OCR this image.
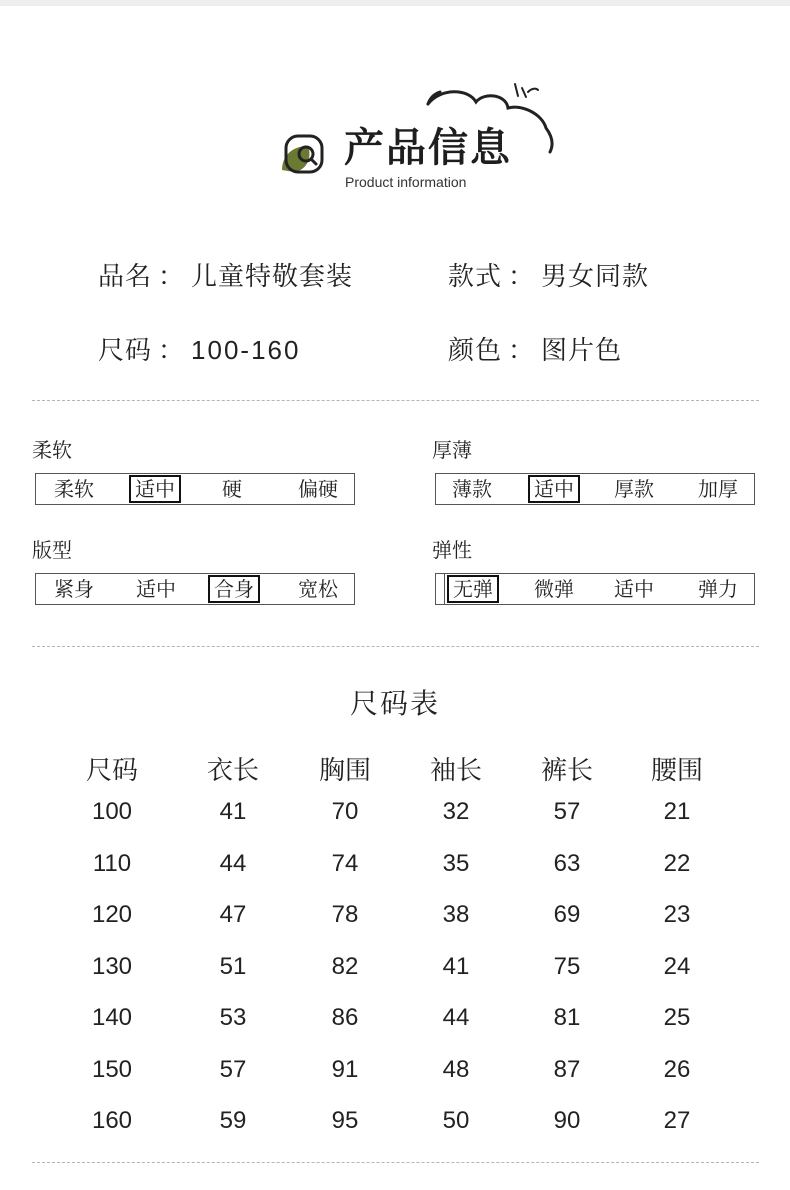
产品信息
Product information
品名 ： 儿童特敬套装	款式 ： 男女同款
尺码 ： 100-160	颜色 ： 图片色
柔软
柔软	适中	硬	偏硬
厚薄
薄款	适中	厚款	加厚
版型
紧身	适中	合身	宽松
弹性
无弹	微弹	适中	弹力
尺码表
尺码	衣长	胸围	袖长	裤长	腰围
100	41	70	32	57	21
110	44	74	35	63	22
120	47	78	38	69	23
130	51	82	41	75	24
140	53	86	44	81	25
150	57	91	48	87	26
160	59	95	50	90	27
